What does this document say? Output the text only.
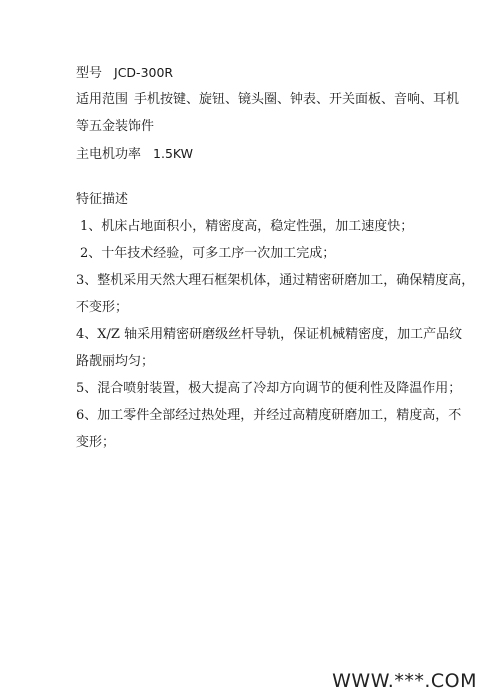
型号 JCD-300R
适用范围 手机按键、旋钮、镜头圈、钟表、开关面板、音响、耳机
等五金装饰件
主电机功率 1.5KW
特征描述
1、机床占地面积小，精密度高，稳定性强，加工速度快；
2、十年技术经验，可多工序一次加工完成；
3、整机采用天然大理石框架机体，通过精密研磨加工，确保精度高，
不变形；
4、X/Z 轴采用精密研磨级丝杆导轨，保证机械精密度，加工产品纹
路靓丽均匀；
5、混合喷射装置，极大提高了冷却方向调节的便利性及降温作用；
6、加工零件全部经过热处理，并经过高精度研磨加工，精度高，不
变形；
WWW.***.COM
